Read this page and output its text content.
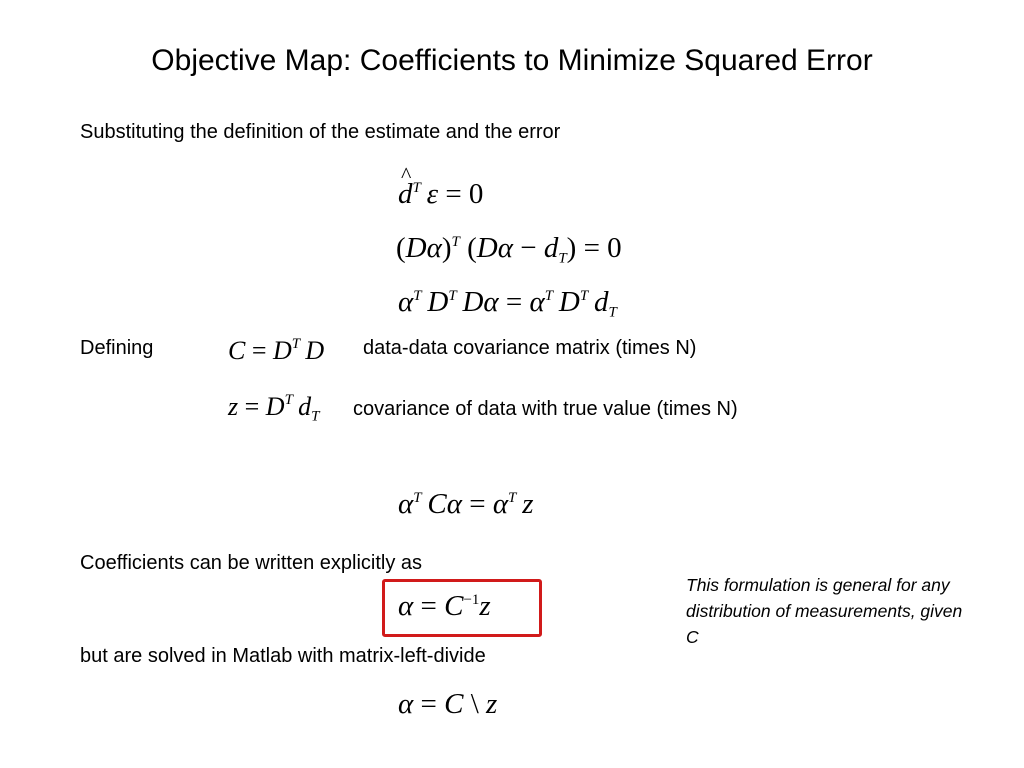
Objective Map: Coefficients to Minimize Squared Error
Substituting the definition of the estimate and the error
^ $d^T$ ε = 0
$(D\alpha)^T$ $(D\alpha - d_T) = 0$
$\alpha^T$ $D^T$ $D\alpha = \alpha^T$ $D^T$ $d_T$
Defining	$C = D^T$ D data-data covariance matrix (times N)
$z = D^T$ $d_T$ covariance of data with true value (times N)
$\alpha^T$ $C\alpha = \alpha^T$ z
Coefficients can be written explicitly as
$\alpha = C^{-1}z$
but are solved in Matlab with matrix-left-divide
α = C \ z
This formulation is general for any distribution of measurements, given C
